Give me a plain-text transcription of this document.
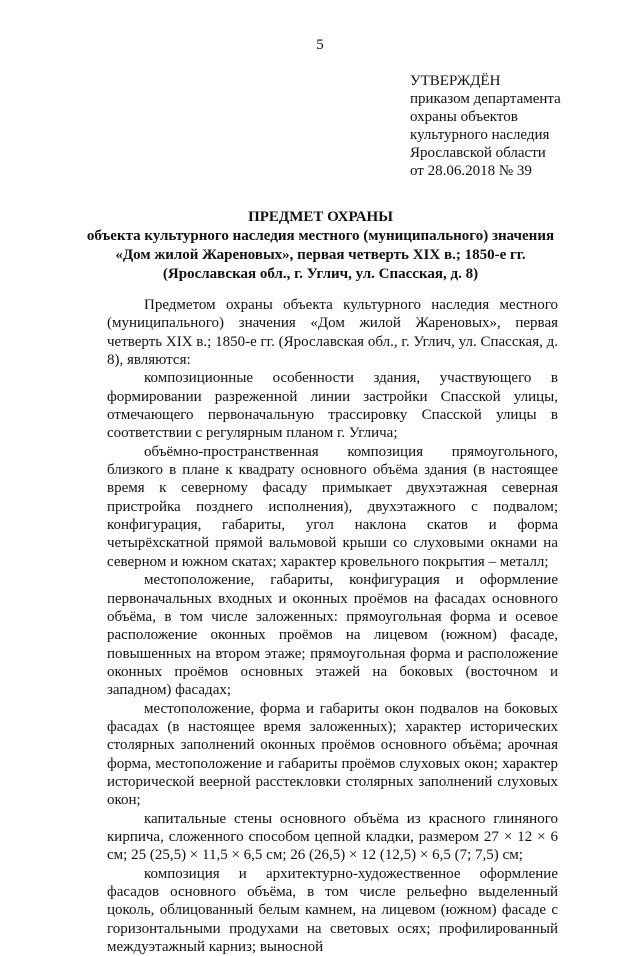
5
УТВЕРЖДЁН
приказом департамента
охраны объектов
культурного наследия
Ярославской области
от 28.06.2018 № 39
ПРЕДМЕТ ОХРАНЫ
объекта культурного наследия местного (муниципального) значения
«Дом жилой Жареновых», первая четверть XIX в.; 1850-е гг.
(Ярославская обл., г. Углич, ул. Спасская, д. 8)

Предметом охраны объекта культурного наследия местного (муниципального) значения «Дом жилой Жареновых», первая четверть XIX в.; 1850-е гг. (Ярославская обл., г. Углич, ул. Спасская, д. 8), являются:

композиционные особенности здания, участвующего в формировании разреженной линии застройки Спасской улицы, отмечающего первоначальную трассировку Спасской улицы в соответствии с регулярным планом г. Углича;

объёмно-пространственная композиция прямоугольного, близкого в плане к квадрату основного объёма здания (в настоящее время к северному фасаду примыкает двухэтажная северная пристройка позднего исполнения), двухэтажного с подвалом; конфигурация, габариты, угол наклона скатов и форма четырёхскатной прямой вальмовой крыши со слуховыми окнами на северном и южном скатах; характер кровельного покрытия – металл;

местоположение, габариты, конфигурация и оформление первоначальных входных и оконных проёмов на фасадах основного объёма, в том числе заложенных: прямоугольная форма и осевое расположение оконных проёмов на лицевом (южном) фасаде, повышенных на втором этаже; прямоугольная форма и расположение оконных проёмов основных этажей на боковых (восточном и западном) фасадах;

местоположение, форма и габариты окон подвалов на боковых фасадах (в настоящее время заложенных); характер исторических столярных заполнений оконных проёмов основного объёма; арочная форма, местоположение и габариты проёмов слуховых окон; характер исторической веерной расстекловки столярных заполнений слуховых окон;

капитальные стены основного объёма из красного глиняного кирпича, сложенного способом цепной кладки, размером 27 × 12 × 6 см; 25 (25,5) × 11,5 × 6,5 см; 26 (26,5) × 12 (12,5) × 6,5 (7; 7,5) см;

композиция и архитектурно-художественное оформление фасадов основного объёма, в том числе рельефно выделенный цоколь, облицованный белым камнем, на лицевом (южном) фасаде с горизонтальными продухами на световых осях; профилированный междуэтажный карниз; выносной
